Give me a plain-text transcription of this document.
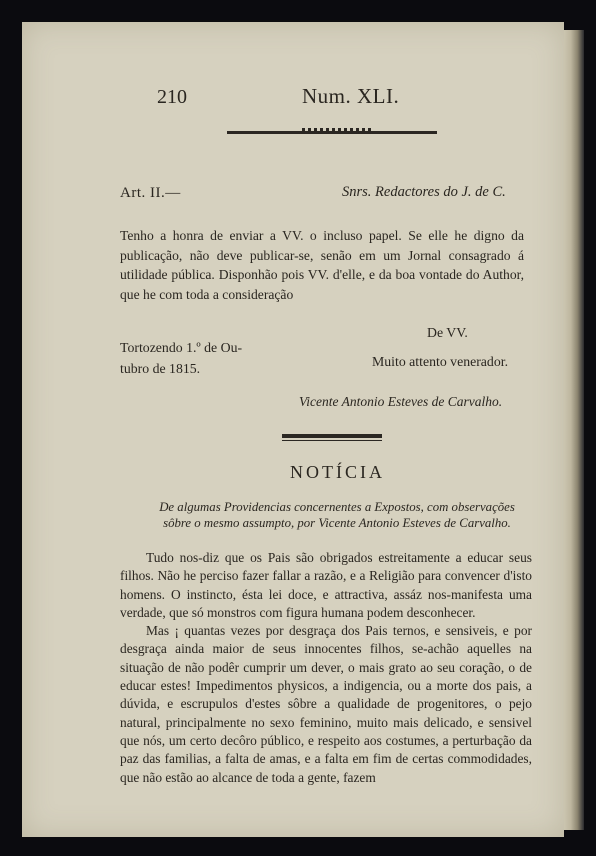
210	Num. XLI.
Art. II.—	Snrs. Redactores do J. de C.
Tenho a honra de enviar a VV. o incluso papel. Se elle he digno da publicação, não deve publicar-se, senão em um Jornal consagrado á utilidade pública. Disponhão pois VV. d'elle, e da boa vontade do Author, que he com toda a consideração
De VV.
Tortozendo 1.º de Ou-
tubro de 1815.	Muito attento venerador.
Vicente Antonio Esteves de Carvalho.
NOTÍCIA
De algumas Providencias concernentes a Expostos, com observações sôbre o mesmo assumpto, por Vicente Antonio Esteves de Carvalho.

Tudo nos-diz que os Pais são obrigados estreitamente a educar seus filhos. Não he perciso fazer fallar a razão, e a Religião para convencer d'isto homens. O instincto, ésta lei doce, e attractiva, assáz nos-manifesta uma verdade, que só monstros com figura humana podem desconhecer.

Mas ¡ quantas vezes por desgraça dos Pais ternos, e sensiveis, e por desgraça ainda maior de seus innocentes filhos, se-achão aquelles na situação de não podêr cumprir um dever, o mais grato ao seu coração, o de educar estes! Impedimentos physicos, a indigencia, ou a morte dos pais, a dúvida, e escrupulos d'estes sôbre a qualidade de progenitores, o pejo natural, principalmente no sexo feminino, muito mais delicado, e sensivel que nós, um certo decôro público, e respeito aos costumes, a perturbação da paz das familias, a falta de amas, e a falta em fim de certas commodidades, que não estão ao alcance de toda a gente, fazem
